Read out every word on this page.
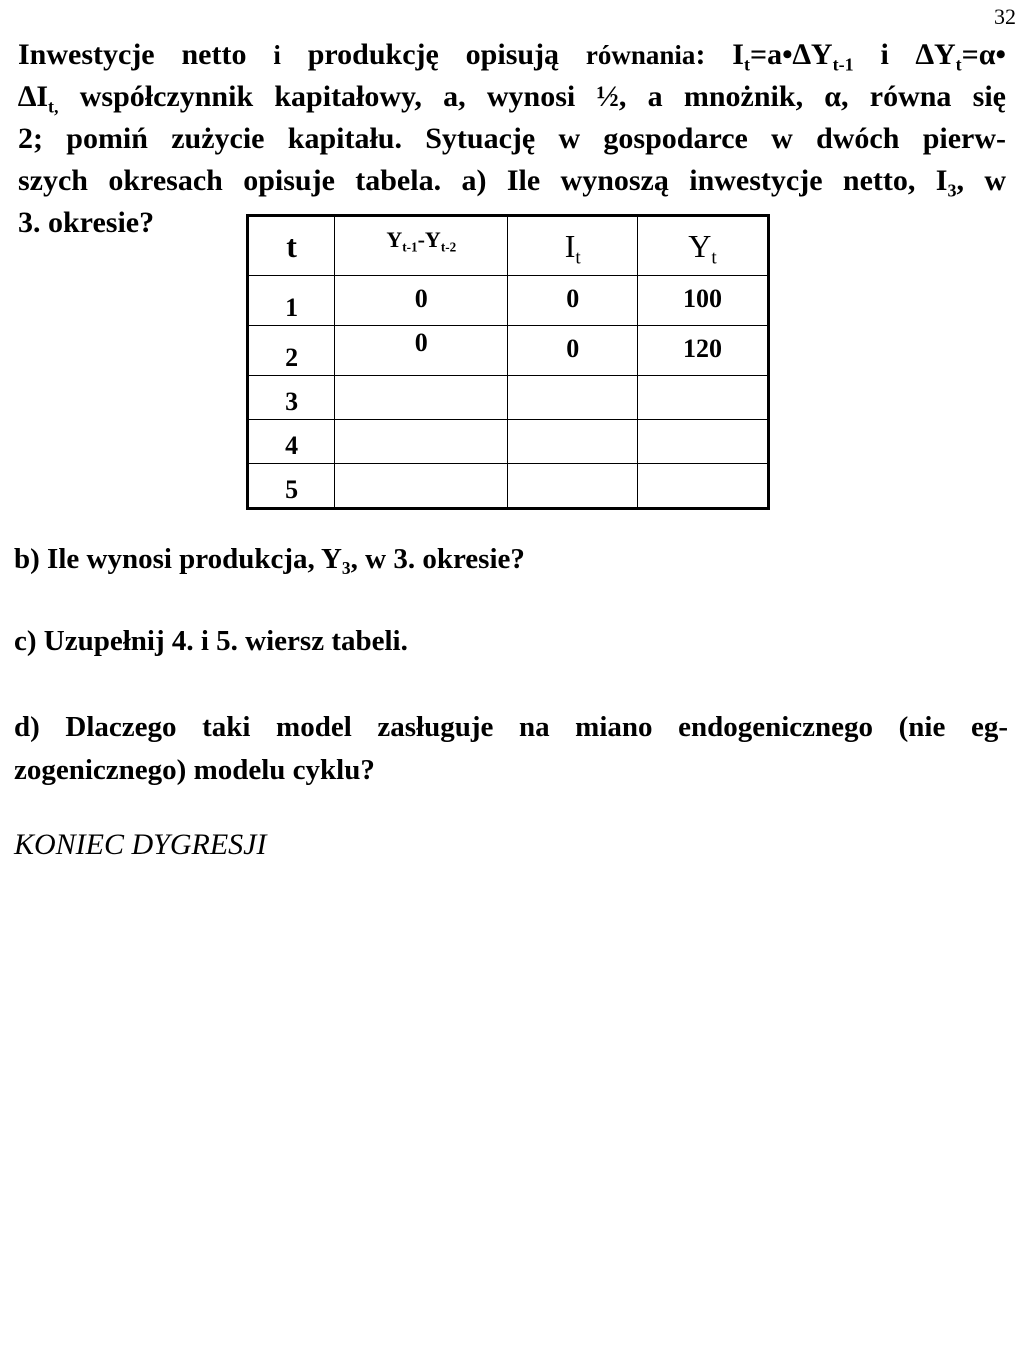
32
Inwestycje netto i produkcję opisują równania: $I_t=a•\Delta Y_{t-1}$ i $\Delta Y_t=\alpha•$
$\Delta I_{t,}$ współczynnik kapitałowy, a, wynosi ½, a mnożnik, α, równa się
2; pomiń zużycie kapitału. Sytuację w gospodarce w dwóch pierw-
szych okresach opisuje tabela. a) Ile wynoszą inwestycje netto, $I_3$, w
3. okresie?
t	$Y_{t-1}-Y_{t-2}$	$I_t$	$Y_t$
1	0	0	100
2	0	0	120
3			
4			
5			
b) Ile wynosi produkcja, $Y_3$, w 3. okresie?
c) Uzupełnij 4. i 5. wiersz tabeli.
d) Dlaczego taki model zasługuje na miano endogenicznego (nie eg-
zogenicznego) modelu cyklu?
KONIEC DYGRESJI
